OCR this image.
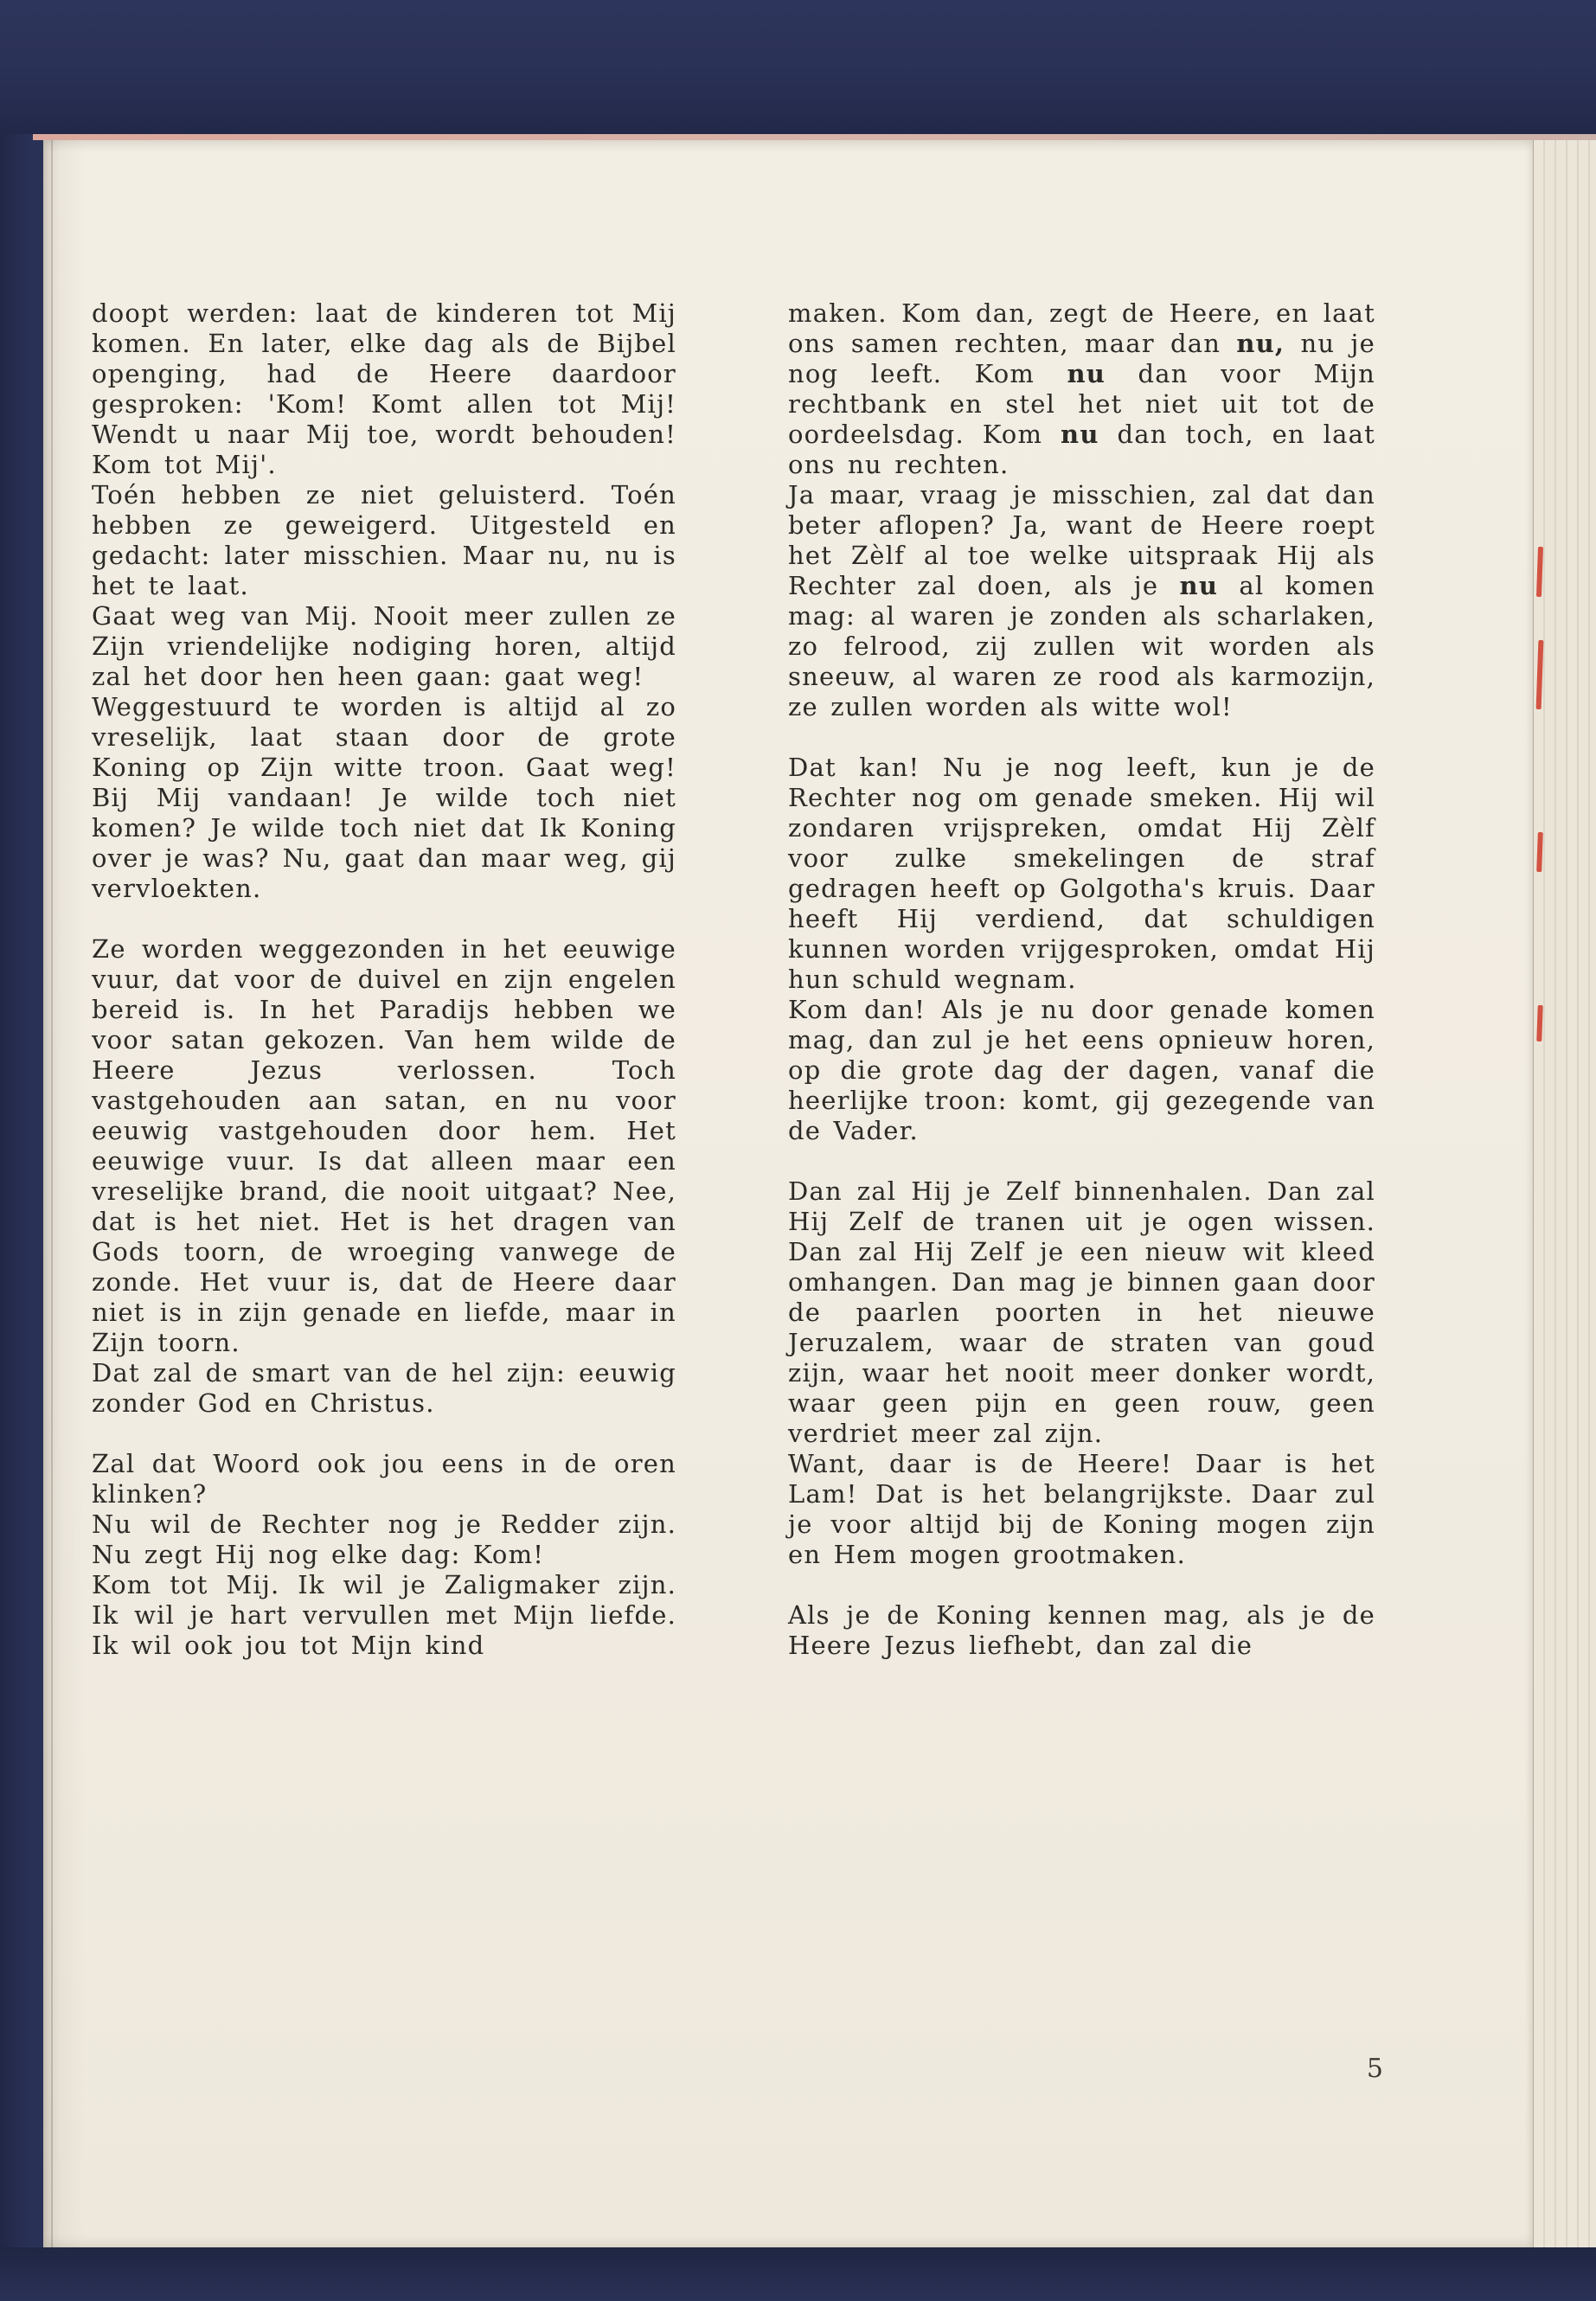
doopt werden: laat de kinderen tot Mij komen. En later, elke dag als de Bijbel openging, had de Heere daardoor gesproken: 'Kom! Komt allen tot Mij! Wendt u naar Mij toe, wordt behouden! Kom tot Mij'.

Toén hebben ze niet geluisterd. Toén hebben ze geweigerd. Uitgesteld en gedacht: later misschien. Maar nu, nu is het te laat.

Gaat weg van Mij. Nooit meer zullen ze Zijn vriendelijke nodiging horen, altijd zal het door hen heen gaan: gaat weg!

Weggestuurd te worden is altijd al zo vreselijk, laat staan door de grote Koning op Zijn witte troon. Gaat weg! Bij Mij vandaan! Je wilde toch niet komen? Je wilde toch niet dat Ik Koning over je was? Nu, gaat dan maar weg, gij vervloekten.

Ze worden weggezonden in het eeuwige vuur, dat voor de duivel en zijn engelen bereid is. In het Paradijs hebben we voor satan gekozen. Van hem wilde de Heere Jezus verlossen. Toch vastgehouden aan satan, en nu voor eeuwig vastgehouden door hem. Het eeuwige vuur. Is dat alleen maar een vreselijke brand, die nooit uitgaat? Nee, dat is het niet. Het is het dragen van Gods toorn, de wroeging vanwege de zonde. Het vuur is, dat de Heere daar niet is in zijn genade en liefde, maar in Zijn toorn.

Dat zal de smart van de hel zijn: eeuwig zonder God en Christus.

Zal dat Woord ook jou eens in de oren klinken?

Nu wil de Rechter nog je Redder zijn. Nu zegt Hij nog elke dag: Kom!

Kom tot Mij. Ik wil je Zaligmaker zijn. Ik wil je hart vervullen met Mijn liefde. Ik wil ook jou tot Mijn kind

maken. Kom dan, zegt de Heere, en laat ons samen rechten, maar dan nu, nu je nog leeft. Kom nu dan voor Mijn rechtbank en stel het niet uit tot de oordeelsdag. Kom nu dan toch, en laat ons nu rechten.

Ja maar, vraag je misschien, zal dat dan beter aflopen? Ja, want de Heere roept het Zèlf al toe welke uitspraak Hij als Rechter zal doen, als je nu al komen mag: al waren je zonden als scharlaken, zo felrood, zij zullen wit worden als sneeuw, al waren ze rood als karmozijn, ze zullen worden als witte wol!

Dat kan! Nu je nog leeft, kun je de Rechter nog om genade smeken. Hij wil zondaren vrijspreken, omdat Hij Zèlf voor zulke smekelingen de straf gedragen heeft op Golgotha's kruis. Daar heeft Hij verdiend, dat schuldigen kunnen worden vrijgesproken, omdat Hij hun schuld wegnam.

Kom dan! Als je nu door genade komen mag, dan zul je het eens opnieuw horen, op die grote dag der dagen, vanaf die heerlijke troon: komt, gij gezegende van de Vader.

Dan zal Hij je Zelf binnenhalen. Dan zal Hij Zelf de tranen uit je ogen wissen. Dan zal Hij Zelf je een nieuw wit kleed omhangen. Dan mag je binnen gaan door de paarlen poorten in het nieuwe Jeruzalem, waar de straten van goud zijn, waar het nooit meer donker wordt, waar geen pijn en geen rouw, geen verdriet meer zal zijn.

Want, daar is de Heere! Daar is het Lam! Dat is het belangrijkste. Daar zul je voor altijd bij de Koning mogen zijn en Hem mogen grootmaken.

Als je de Koning kennen mag, als je de Heere Jezus liefhebt, dan zal die

5
